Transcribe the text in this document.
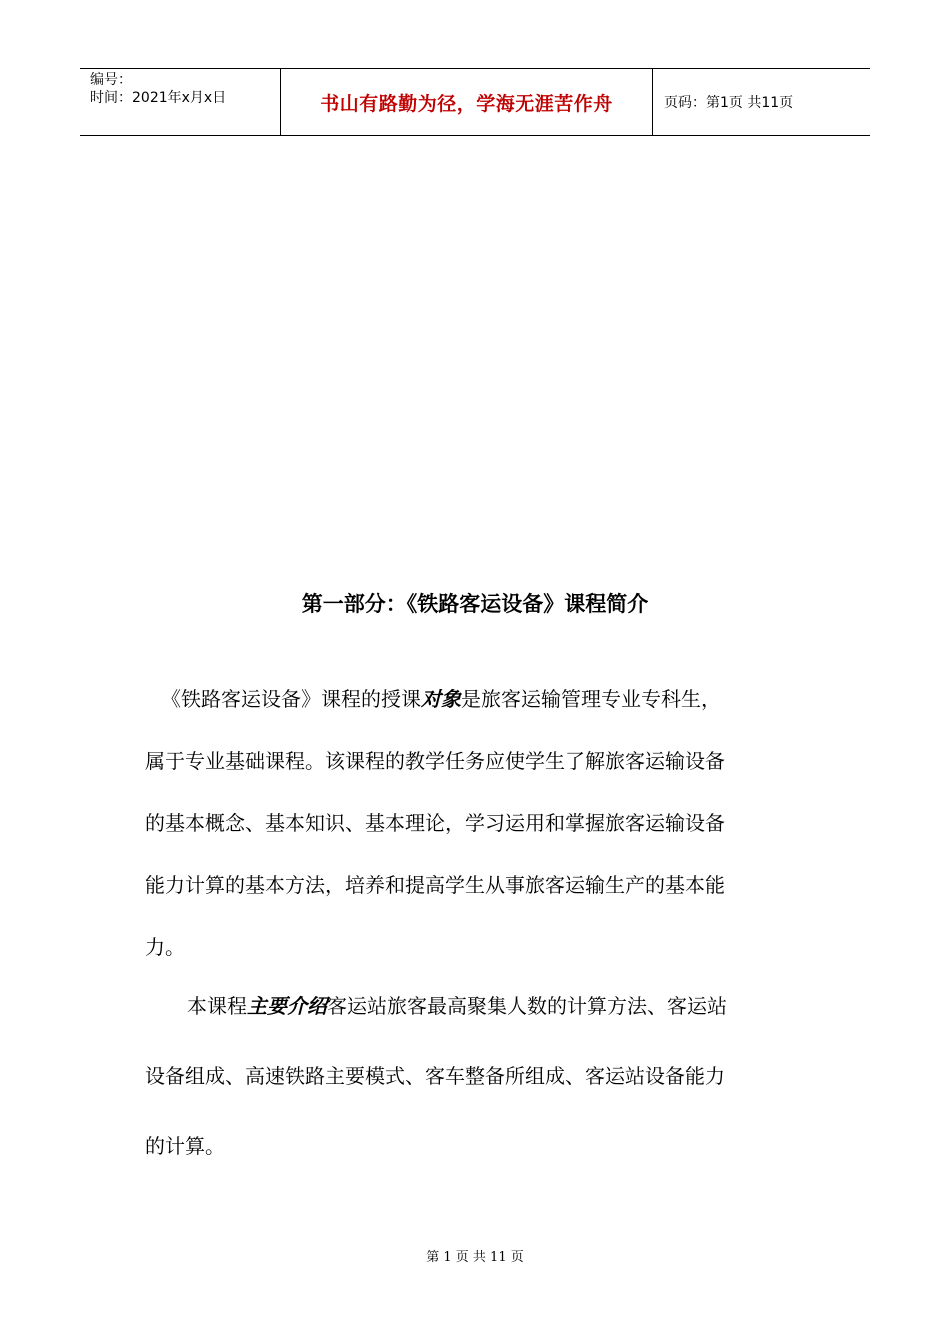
编号：
时间：2021年x月x日	书山有路勤为径，学海无涯苦作舟	页码：第1页 共11页
第一部分：《铁路客运设备》课程简介
《铁路客运设备》课程的授课对象是旅客运输管理专业专科生，
属于专业基础课程。该课程的教学任务应使学生了解旅客运输设备
的基本概念、基本知识、基本理论，学习运用和掌握旅客运输设备
能力计算的基本方法，培养和提高学生从事旅客运输生产的基本能
力。
本课程主要介绍客运站旅客最高聚集人数的计算方法、客运站
设备组成、高速铁路主要模式、客车整备所组成、客运站设备能力
的计算。
第 1 页 共 11 页
